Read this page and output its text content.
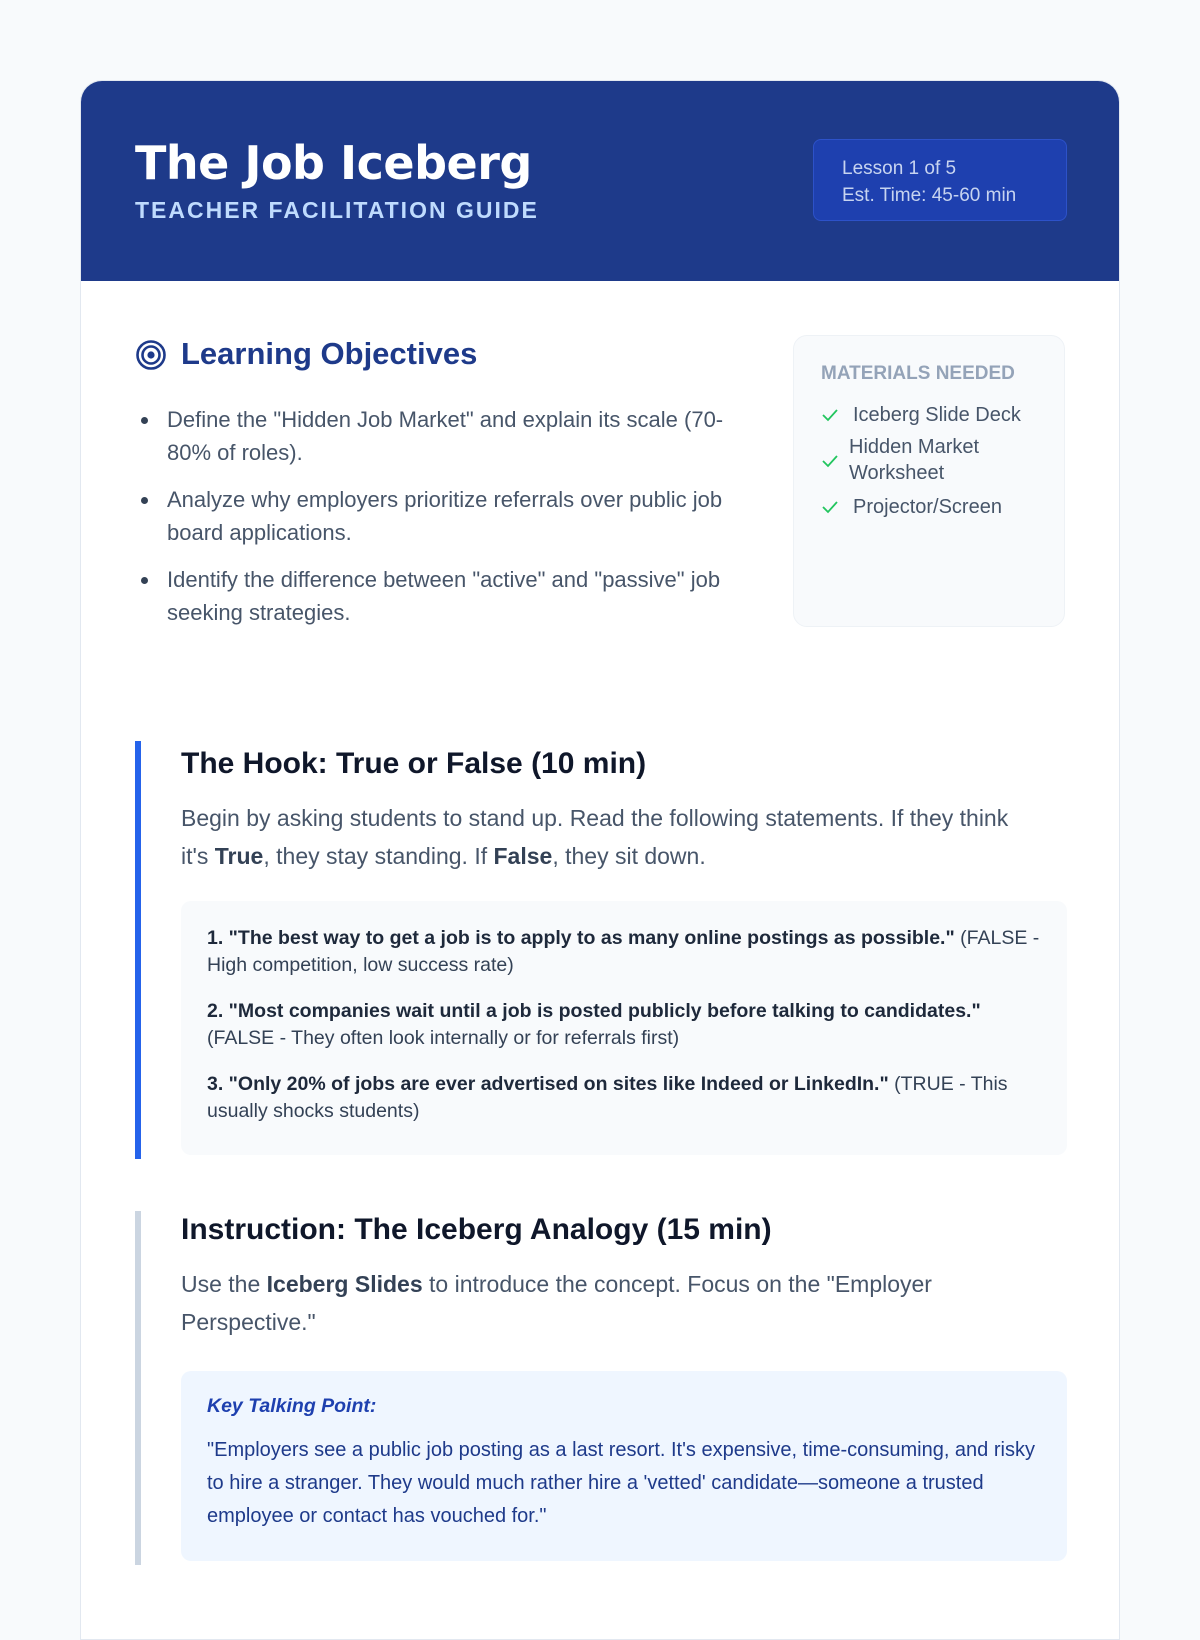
The Job Iceberg
TEACHER FACILITATION GUIDE
Lesson 1 of 5
Est. Time: 45-60 min
Learning Objectives
Define the "Hidden Job Market" and explain its scale (70-80% of roles).
Analyze why employers prioritize referrals over public job board applications.
Identify the difference between "active" and "passive" job seeking strategies.
MATERIALS NEEDED
Iceberg Slide Deck
Hidden Market Worksheet
Projector/Screen
The Hook: True or False (10 min)
Begin by asking students to stand up. Read the following statements. If they think it's True, they stay standing. If False, they sit down.
1. "The best way to get a job is to apply to as many online postings as possible." (FALSE - High competition, low success rate)
2. "Most companies wait until a job is posted publicly before talking to candidates." (FALSE - They often look internally or for referrals first)
3. "Only 20% of jobs are ever advertised on sites like Indeed or LinkedIn." (TRUE - This usually shocks students)
Instruction: The Iceberg Analogy (15 min)
Use the Iceberg Slides to introduce the concept. Focus on the "Employer Perspective."
Key Talking Point:
"Employers see a public job posting as a last resort. It's expensive, time-consuming, and risky to hire a stranger. They would much rather hire a 'vetted' candidate—someone a trusted employee or contact has vouched for."
